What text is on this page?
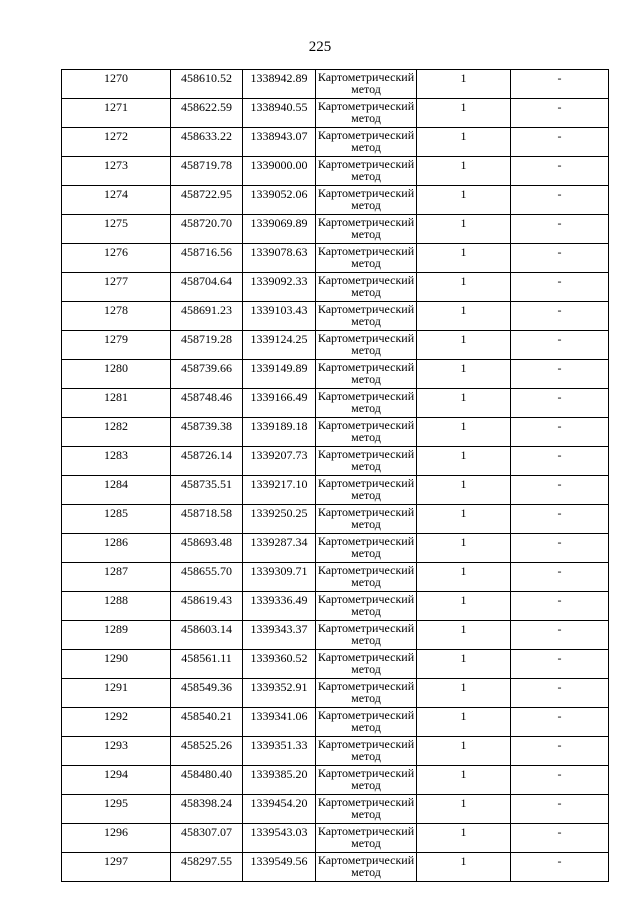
225
1270	458610.52	1338942.89	Картометрический метод	1	-
1271	458622.59	1338940.55	Картометрический метод	1	-
1272	458633.22	1338943.07	Картометрический метод	1	-
1273	458719.78	1339000.00	Картометрический метод	1	-
1274	458722.95	1339052.06	Картометрический метод	1	-
1275	458720.70	1339069.89	Картометрический метод	1	-
1276	458716.56	1339078.63	Картометрический метод	1	-
1277	458704.64	1339092.33	Картометрический метод	1	-
1278	458691.23	1339103.43	Картометрический метод	1	-
1279	458719.28	1339124.25	Картометрический метод	1	-
1280	458739.66	1339149.89	Картометрический метод	1	-
1281	458748.46	1339166.49	Картометрический метод	1	-
1282	458739.38	1339189.18	Картометрический метод	1	-
1283	458726.14	1339207.73	Картометрический метод	1	-
1284	458735.51	1339217.10	Картометрический метод	1	-
1285	458718.58	1339250.25	Картометрический метод	1	-
1286	458693.48	1339287.34	Картометрический метод	1	-
1287	458655.70	1339309.71	Картометрический метод	1	-
1288	458619.43	1339336.49	Картометрический метод	1	-
1289	458603.14	1339343.37	Картометрический метод	1	-
1290	458561.11	1339360.52	Картометрический метод	1	-
1291	458549.36	1339352.91	Картометрический метод	1	-
1292	458540.21	1339341.06	Картометрический метод	1	-
1293	458525.26	1339351.33	Картометрический метод	1	-
1294	458480.40	1339385.20	Картометрический метод	1	-
1295	458398.24	1339454.20	Картометрический метод	1	-
1296	458307.07	1339543.03	Картометрический метод	1	-
1297	458297.55	1339549.56	Картометрический метод	1	-
